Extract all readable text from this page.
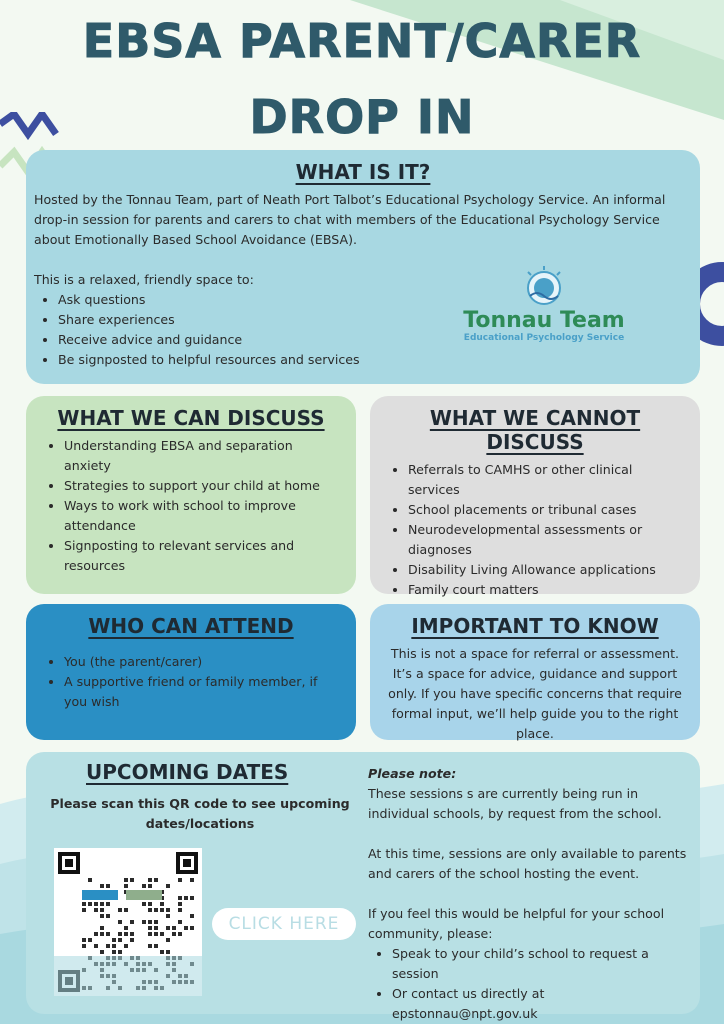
EBSA PARENT/CARER
DROP IN
WHAT IS IT?

Hosted by the Tonnau Team, part of Neath Port Talbot’s Educational Psychology Service. An informal drop-in session for parents and carers to chat with members of the Educational Psychology Service about Emotionally Based School Avoidance (EBSA).

This is a relaxed, friendly space to:

• Ask questions
• Share experiences
• Receive advice and guidance
• Be signposted to helpful resources and services
Tonnau Team
Educational Psychology Service
WHAT WE CAN DISCUSS
• Understanding EBSA and separation anxiety
• Strategies to support your child at home
• Ways to work with school to improve attendance
• Signposting to relevant services and resources
WHAT WE CANNOT DISCUSS
• Referrals to CAMHS or other clinical services
• School placements or tribunal cases
• Neurodevelopmental assessments or diagnoses
• Disability Living Allowance applications
• Family court matters
WHO CAN ATTEND
• You (the parent/carer)
• A supportive friend or family member, if you wish
IMPORTANT TO KNOW

This is not a space for referral or assessment. It’s a space for advice, guidance and support only. If you have specific concerns that require formal input, we’ll help guide you to the right place.

UPCOMING DATES
Please scan this QR code to see upcoming dates/locations
CLICK HERE

Please note:

These sessions s are currently being run in individual schools, by request from the school.

At this time, sessions are only available to parents and carers of the school hosting the event.

If you feel this would be helpful for your school community, please:

• Speak to your child’s school to request a session
• Or contact us directly at epstonnau@npt.gov.uk
